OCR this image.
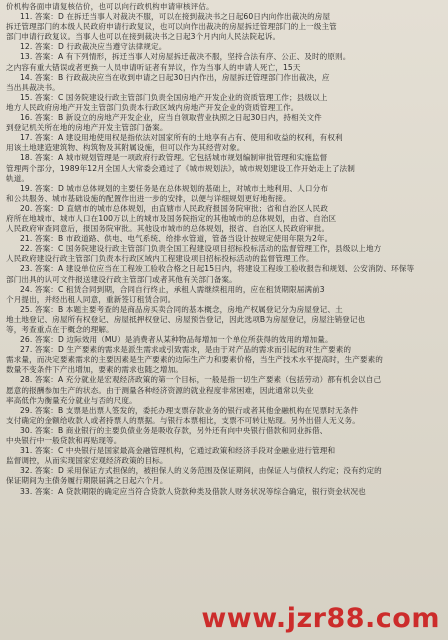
价机构各面申请复核估价，也可以向行政机构申请审核评估。
11. 答案：D 在拆迁当事人对裁决不服，可以在接到裁决书之日起60日内向作出裁决的房屋
拆迁管理部门的本级人民政府申请行政复议，也可以向作出裁决的房屋拆迁管理部门的上一级主管
部门申请行政复议。当事人也可以在接到裁决书之日起3个月内向人民法院起诉。
12. 答案：D 行政裁决应当遵守法律规定。
13. 答案：A 有下列情形，拆迁当事人对房屋拆迁裁决不服，坚持合法有序、公正、及时的原则。
之内容有重大错误或者更换一人员申请听证者有异议，作为当事人的申请人死亡，15天
14. 答案：B 行政裁决应当在收到申请之日起30日内作出，房屋拆迁管理部门作出裁决，应
当出具裁决书。
15. 答案：C 国务院建设行政主管部门负责全国房地产开发企业的资质管理工作；县级以上
地方人民政府房地产开发主管部门负责本行政区域内房地产开发企业的资质管理工作。
16. 答案：B 新设立的房地产开发企业，应当自领取营业执照之日起30日内，持相关文件
到登记机关所在地的房地产开发主管部门备案。
17. 答案：A 建设用地使用权是指依法对国家所有的土地享有占有、使用和收益的权利，有权利
用该土地建造建筑物、构筑物及其附属设施，但可以作为其经营对象。
18. 答案：A 城市规划管理是一项政府行政管理。它包括城市规划编制审批管理和实施监督
管理两个部分，1989年12月全国人大常委会通过了《城市规划法》，城市规划建设工作开始走上了法制
轨道。
19. 答案：D 城市总体规划的主要任务是在总体规划的基础上，对城市土地利用、人口分布
和公共服务、城市基础设施的配置作出进一步的安排，以便与详细规划更好地衔接。
20. 答案：D 直辖市的城市总体规划，由直辖市人民政府报国务院审批；省和自治区人民政
府所在地城市、城市人口在100万以上的城市及国务院指定的其他城市的总体规划，由省、自治区
人民政府审查同意后，报国务院审批。其他设市城市的总体规划，报省、自治区人民政府审批。
21. 答案：B 市政道路、供电、电气系统、给排水管道，管备当设计按规定使用年限为2年。
22. 答案：C 国务院建设行政主管部门负责全国工程建设项目招标投标活动的监督管理工作，县级以上地方
人民政府建设行政主管部门负责本行政区域内工程建设项目招标投标活动的监督管理工作。
23. 答案：A 建设单位应当在工程竣工验收合格之日起15日内，将建设工程竣工验收报告和规划、公安消防、环保等
部门出具的认可文件报送建设行政主管部门或者其他有关部门备案。
24. 答案：C 租赁合同到期，合同自行终止，承租人需继续租用的，应在租赁期限届满前3
个月提出，并经出租人同意，重新签订租赁合同。
25. 答案：B 本题主要考查的是商品房买卖合同的基本概念，房地产权属登记分为房屋登记、土
地土地登记、房屋所有权登记、房屋抵押权登记、房屋预告登记，因此选项B为房屋登记，房屋注销登记也
等，考查重点在于概念的理解。
26. 答案：D 边际效用（MU）是消费者从某种物品每增加一个单位所获得的效用的增加量。
27. 答案：D 生产要素的需求是派生需求或引致需求，是由于对产品的需求而引起的对生产要素的
需求量，而决定要素需求的主要因素是生产要素的边际生产力和要素价格，当生产技术水平提高时，生产要素的
数量不变条件下产出增加，要素的需求也随之增加。
28. 答案：A 充分就业是宏观经济政策的第一个目标，一般是指一切生产要素（包括劳动）都有机会以自己
愿意的报酬参加生产的状态。由于测量各种经济资源的就业程度非常困难，因此通常以失业
率高低作为衡量充分就业与否的尺度。
29. 答案：B 支票是出票人签发的，委托办理支票存款业务的银行或者其他金融机构在见票时无条件
支付确定的金额给收款人或者持票人的票据。与银行本票相比，支票不可转让贴现。另外出借人无义务。
30. 答案：B 商业银行的主要负债业务是吸收存款，另外还有向中央银行借款和同业拆借、
中央银行中一般贷款和再贴现等。
31. 答案：C 中央银行是国家最高金融管理机构，它通过政策和经济手段对金融业进行管理和
监督调控，从而实现国家宏观经济政策的目标。
32. 答案：D 采用保证方式担保的，被担保人的义务范围及保证期间，由保证人与债权人约定；没有约定的
保证期间为主债务履行期限届满之日起六个月。
33. 答案：A 贷款期限的确定应当符合贷款人贷款种类及借款人财务状况等综合确定，银行资金状况也
www.jzr88.com
